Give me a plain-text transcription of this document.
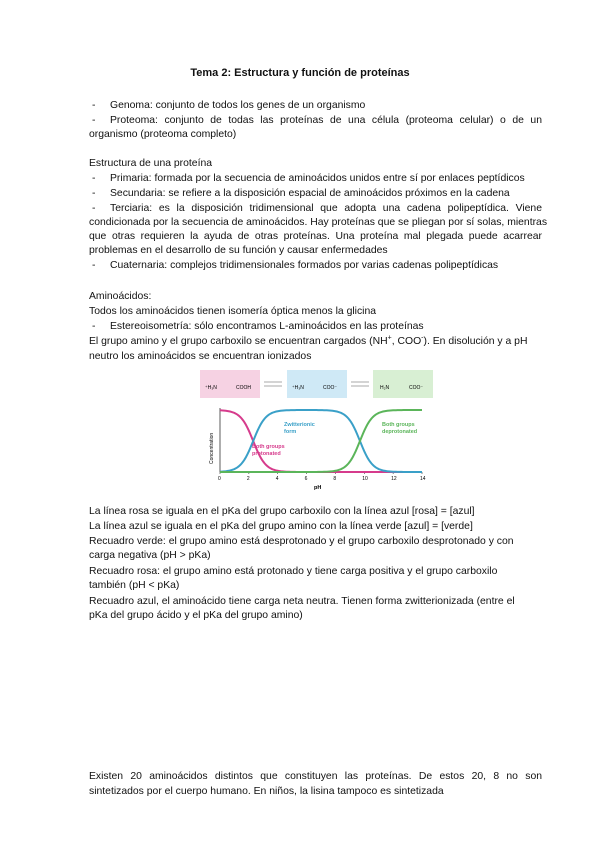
Tema 2: Estructura y función de proteínas
- Genoma: conjunto de todos los genes de un organismo
- Proteoma: conjunto de todas las proteínas de una célula (proteoma celular) o de un
organismo (proteoma completo)
Estructura de una proteína
- Primaria: formada por la secuencia de aminoácidos unidos entre sí por enlaces peptídicos
- Secundaria: se refiere a la disposición espacial de aminoácidos próximos en la cadena
- Terciaria: es la disposición tridimensional que adopta una cadena polipeptídica. Viene
condicionada por la secuencia de aminoácidos. Hay proteínas que se pliegan por sí solas, mientras
que otras requieren la ayuda de otras proteínas. Una proteína mal plegada puede acarrear
problemas en el desarrollo de su función y causar enfermedades
- Cuaternaria: complejos tridimensionales formados por varias cadenas polipeptídicas
Aminoácidos:
Todos los aminoácidos tienen isomería óptica menos la glicina
- Estereoisometría: sólo encontramos L-aminoácidos en las proteínas
El grupo amino y el grupo carboxilo se encuentran cargados (NH+, COO-). En disolución y a pH
neutro los aminoácidos se encuentran ionizados
⁺H₃N	COOH	⁺H₃N	COO⁻	H₂N	COO⁻
Concentration
pH
0	2	4	6	8	10	12	14
Zwitterionic
form
Both groups
protonated
Both groups
deprotonated
La línea rosa se iguala en el pKa del grupo carboxilo con la línea azul [rosa] = [azul]
La línea azul se iguala en el pKa del grupo amino con la línea verde [azul] = [verde]
Recuadro verde: el grupo amino está desprotonado y el grupo carboxilo desprotonado y con
carga negativa (pH > pKa)
Recuadro rosa: el grupo amino está protonado y tiene carga positiva y el grupo carboxilo
también (pH < pKa)
Recuadro azul, el aminoácido tiene carga neta neutra. Tienen forma zwitterionizada (entre el
pKa del grupo ácido y el pKa del grupo amino)
Existen 20 aminoácidos distintos que constituyen las proteínas. De estos 20, 8 no son
sintetizados por el cuerpo humano. En niños, la lisina tampoco es sintetizada
